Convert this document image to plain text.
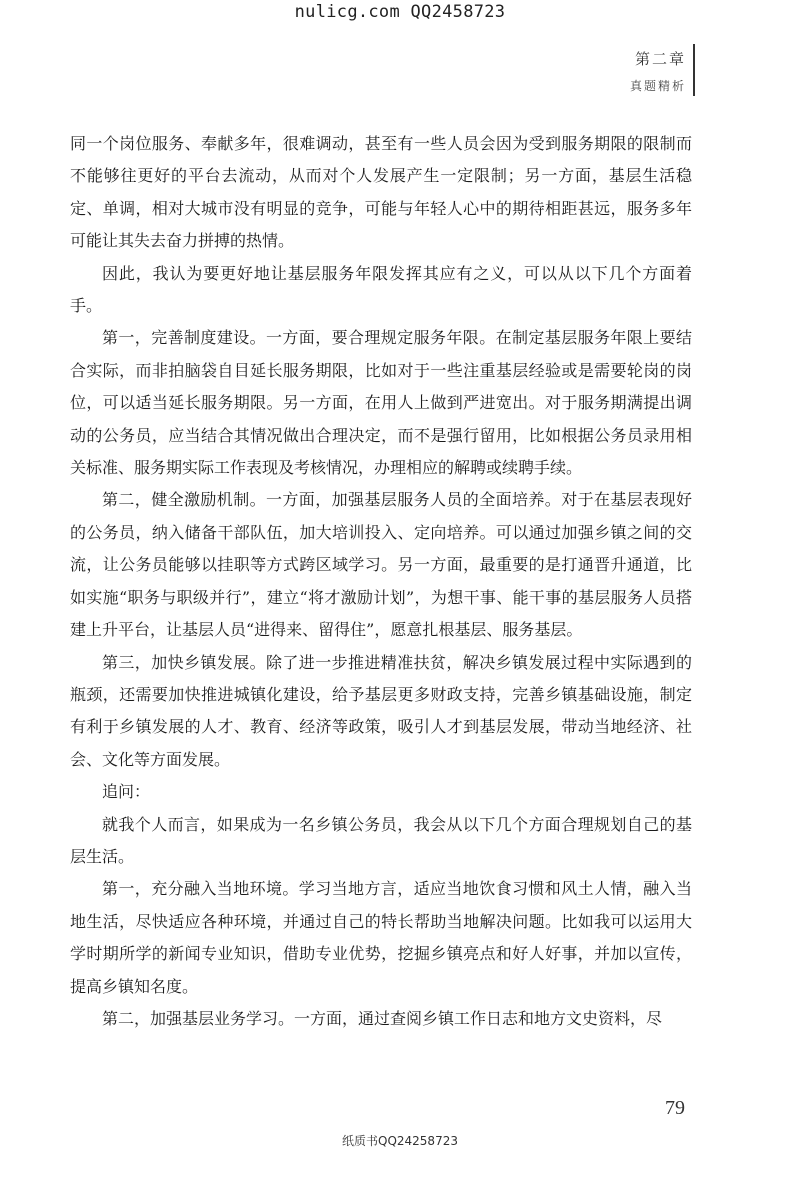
nulicg.com QQ2458723
第二章
真题精析

同一个岗位服务、奉献多年，很难调动，甚至有一些人员会因为受到服务期限的限制而不能够往更好的平台去流动，从而对个人发展产生一定限制；另一方面，基层生活稳定、单调，相对大城市没有明显的竞争，可能与年轻人心中的期待相距甚远，服务多年可能让其失去奋力拼搏的热情。

因此，我认为要更好地让基层服务年限发挥其应有之义，可以从以下几个方面着手。

第一，完善制度建设。一方面，要合理规定服务年限。在制定基层服务年限上要结合实际，而非拍脑袋自目延长服务期限，比如对于一些注重基层经验或是需要轮岗的岗位，可以适当延长服务期限。另一方面，在用人上做到严进宽出。对于服务期满提出调动的公务员，应当结合其情况做出合理决定，而不是强行留用，比如根据公务员录用相关标准、服务期实际工作表现及考核情况，办理相应的解聘或续聘手续。

第二，健全激励机制。一方面，加强基层服务人员的全面培养。对于在基层表现好的公务员，纳入储备干部队伍，加大培训投入、定向培养。可以通过加强乡镇之间的交流，让公务员能够以挂职等方式跨区域学习。另一方面，最重要的是打通晋升通道，比如实施“职务与职级并行”，建立“将才激励计划”，为想干事、能干事的基层服务人员搭建上升平台，让基层人员“进得来、留得住”，愿意扎根基层、服务基层。

第三，加快乡镇发展。除了进一步推进精准扶贫，解决乡镇发展过程中实际遇到的瓶颈，还需要加快推进城镇化建设，给予基层更多财政支持，完善乡镇基础设施，制定有利于乡镇发展的人才、教育、经济等政策，吸引人才到基层发展，带动当地经济、社会、文化等方面发展。

追问：

就我个人而言，如果成为一名乡镇公务员，我会从以下几个方面合理规划自己的基层生活。

第一，充分融入当地环境。学习当地方言，适应当地饮食习惯和风土人情，融入当地生活，尽快适应各种环境，并通过自己的特长帮助当地解决问题。比如我可以运用大学时期所学的新闻专业知识，借助专业优势，挖掘乡镇亮点和好人好事，并加以宣传，提高乡镇知名度。

第二，加强基层业务学习。一方面，通过查阅乡镇工作日志和地方文史资料，尽

79
纸质书QQ24258723
